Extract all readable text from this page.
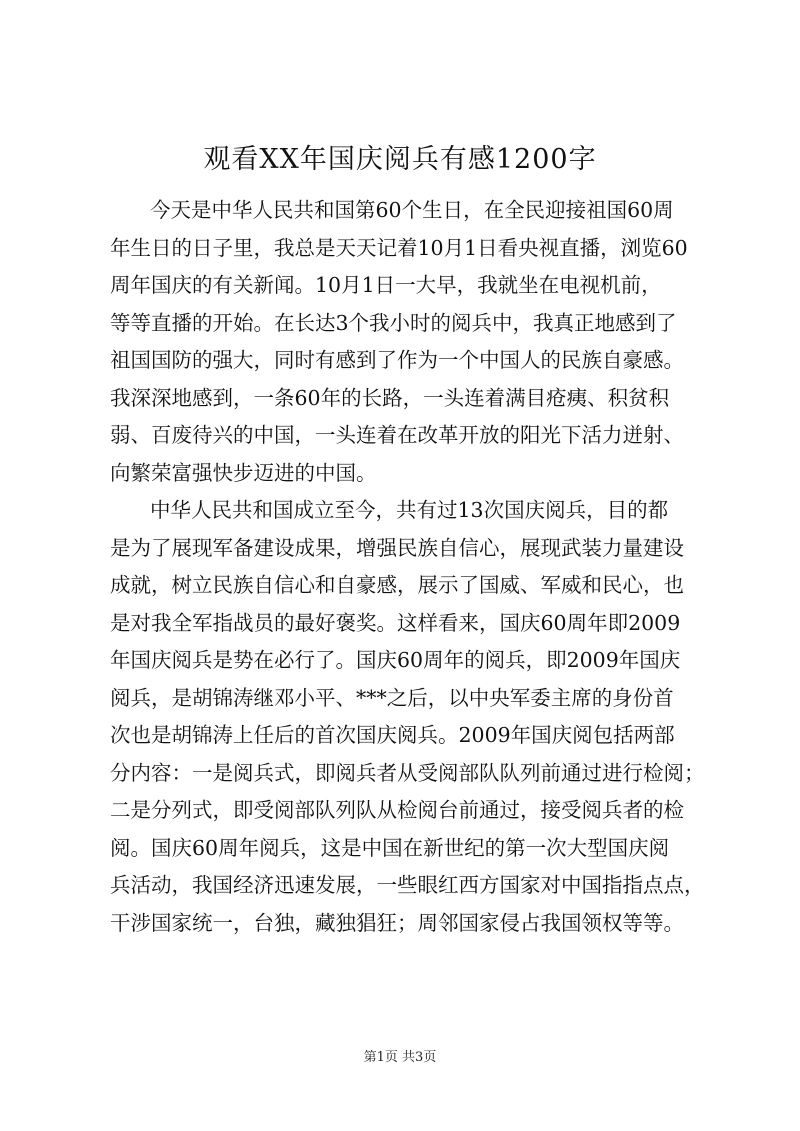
观看XX年国庆阅兵有感1200字
今天是中华人民共和国第60个生日，在全民迎接祖国60周
年生日的日子里，我总是天天记着10月1日看央视直播，浏览60
周年国庆的有关新闻。10月1日一大早，我就坐在电视机前，
等等直播的开始。在长达3个我小时的阅兵中，我真正地感到了
祖国国防的强大，同时有感到了作为一个中国人的民族自豪感。
我深深地感到，一条60年的长路，一头连着满目疮痍、积贫积
弱、百废待兴的中国，一头连着在改革开放的阳光下活力迸射、
向繁荣富强快步迈进的中国。
中华人民共和国成立至今，共有过13次国庆阅兵，目的都
是为了展现军备建设成果，增强民族自信心，展现武装力量建设
成就，树立民族自信心和自豪感，展示了国威、军威和民心，也
是对我全军指战员的最好褒奖。这样看来，国庆60周年即2009
年国庆阅兵是势在必行了。国庆60周年的阅兵，即2009年国庆
阅兵，是胡锦涛继邓小平、***之后，以中央军委主席的身份首
次也是胡锦涛上任后的首次国庆阅兵。2009年国庆阅包括两部
分内容：一是阅兵式，即阅兵者从受阅部队队列前通过进行检阅；
二是分列式，即受阅部队列队从检阅台前通过，接受阅兵者的检
阅。国庆60周年阅兵，这是中国在新世纪的第一次大型国庆阅
兵活动，我国经济迅速发展，一些眼红西方国家对中国指指点点，
干涉国家统一，台独，藏独猖狂；周邻国家侵占我国领权等等。
第1页 共3页
